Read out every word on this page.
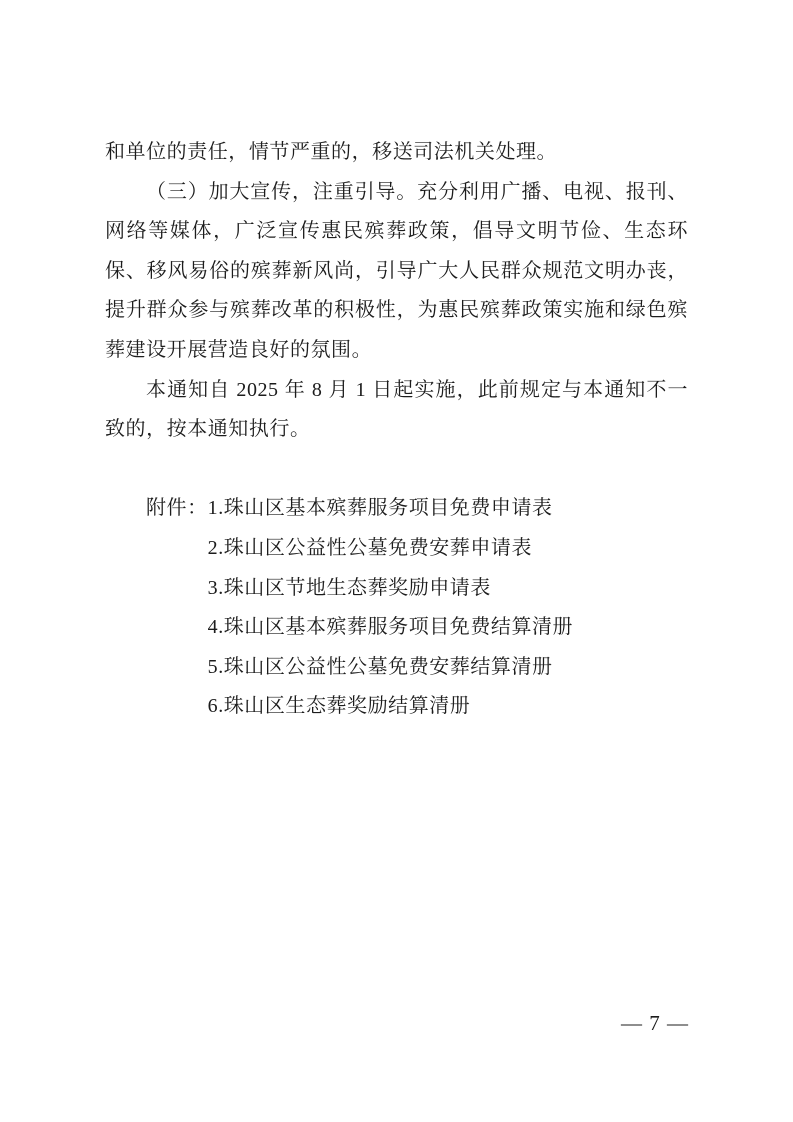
和单位的责任，情节严重的，移送司法机关处理。

（三）加大宣传，注重引导。充分利用广播、电视、报刊、网络等媒体，广泛宣传惠民殡葬政策，倡导文明节俭、生态环保、移风易俗的殡葬新风尚，引导广大人民群众规范文明办丧，提升群众参与殡葬改革的积极性，为惠民殡葬政策实施和绿色殡葬建设开展营造良好的氛围。

本通知自 2025 年 8 月 1 日起实施，此前规定与本通知不一致的，按本通知执行。

附件： 1.珠山区基本殡葬服务项目免费申请表
2.珠山区公益性公墓免费安葬申请表
3.珠山区节地生态葬奖励申请表
4.珠山区基本殡葬服务项目免费结算清册
5.珠山区公益性公墓免费安葬结算清册
6.珠山区生态葬奖励结算清册
— 7 —
